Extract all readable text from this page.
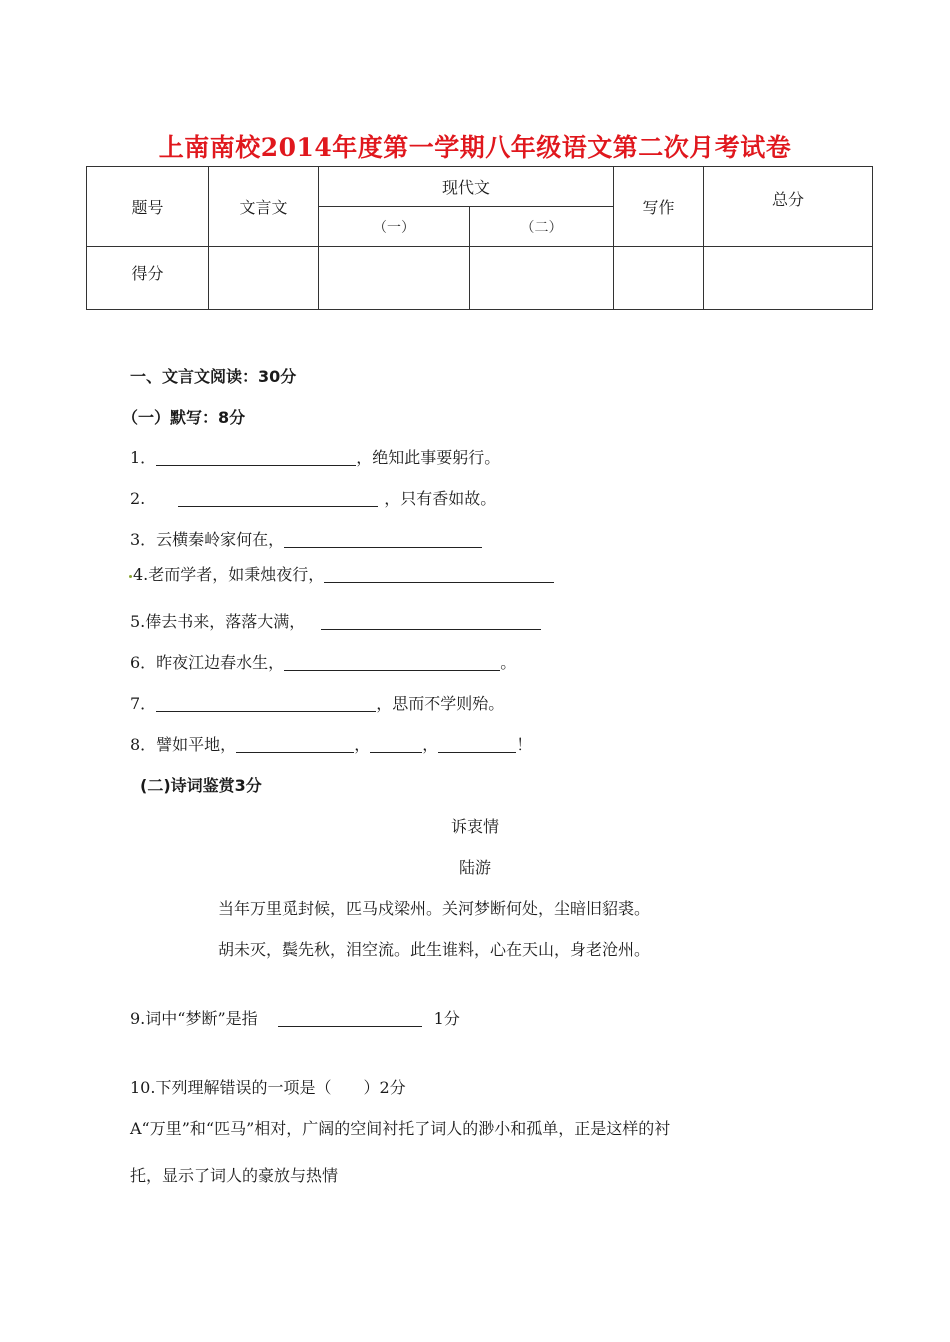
上南南校2014年度第一学期八年级语文第二次月考试卷
题号	文言文	现代文		写作	总分
		（一）	（二）		
得分					
一、文言文阅读：30分
（一）默写：8分
1．	，绝知此事要躬行。
2.	，只有香如故。
3．云横秦岭家何在，
4.老而学者，如秉烛夜行，
5.俸去书来，落落大满，
6．昨夜江边春水生，	。
7．	，思而不学则殆。
8．譬如平地，	，	，	！
(二)诗词鉴赏3分
诉衷情
陆游
当年万里觅封候，匹马戍梁州。关河梦断何处，尘暗旧貂裘。
胡未灭，鬓先秋，泪空流。此生谁料，心在天山，身老沧州。
9.词中“梦断”是指	1分
10.下列理解错误的一项是（　　）2分
A“万里”和“匹马”相对，广阔的空间衬托了词人的渺小和孤单，正是这样的衬
托，显示了词人的豪放与热情
